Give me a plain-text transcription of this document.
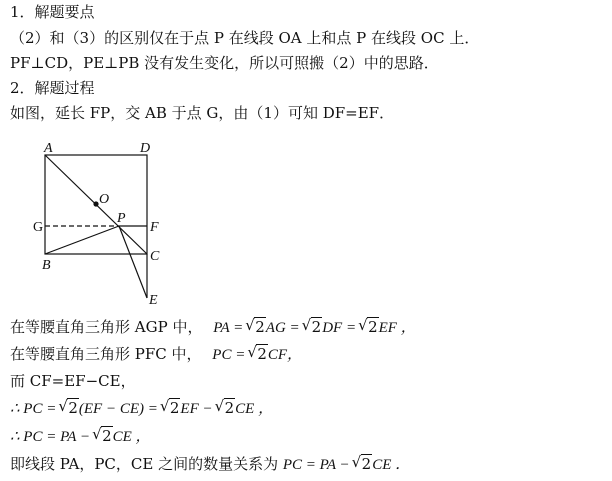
1．解题要点
（2）和（3）的区别仅在于点 P 在线段 OA 上和点 P 在线段 OC 上．
PF⊥CD，PE⊥PB 没有发生变化，所以可照搬（2）中的思路．
2．解题过程
如图，延长 FP，交 AB 于点 G，由（1）可知 DF=EF．
A	D
G	F
B
C
O
P
E
在等腰直角三角形 AGP 中， PA = √ 2AG = √ 2DF = √ 2EF ，
在等腰直角三角形 PFC 中， PC = √ 2CF，
而 CF=EF−CE，
∴ PC = √ 2(EF − CE) = √ 2EF − √ 2CE ，
∴ PC = PA − √ 2CE ，
即线段 PA，PC，CE 之间的数量关系为 PC = PA − √ 2CE ．
